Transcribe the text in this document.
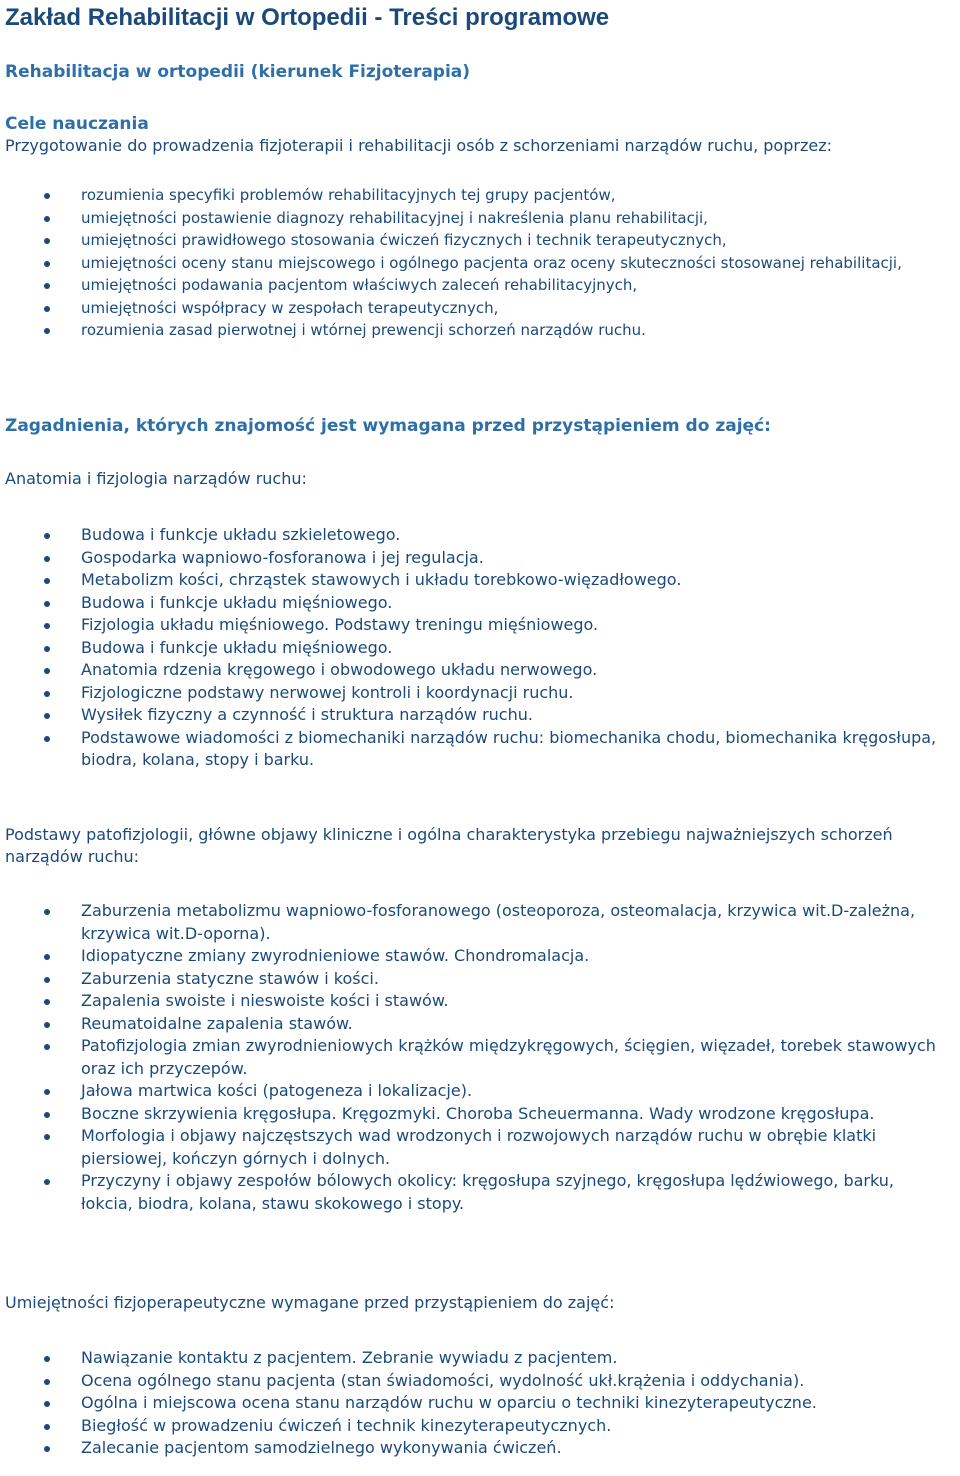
Zakład Rehabilitacji w Ortopedii - Treści programowe
Rehabilitacja w ortopedii (kierunek Fizjoterapia)
Cele nauczania
Przygotowanie do prowadzenia fizjoterapii i rehabilitacji osób z schorzeniami narządów ruchu, poprzez:
rozumienia specyfiki problemów rehabilitacyjnych tej grupy pacjentów,
umiejętności postawienie diagnozy rehabilitacyjnej i nakreślenia planu rehabilitacji,
umiejętności prawidłowego stosowania ćwiczeń fizycznych i technik terapeutycznych,
umiejętności oceny stanu miejscowego i ogólnego pacjenta oraz oceny skuteczności stosowanej rehabilitacji,
umiejętności podawania pacjentom właściwych zaleceń rehabilitacyjnych,
umiejętności współpracy w zespołach terapeutycznych,
rozumienia zasad pierwotnej i wtórnej prewencji schorzeń narządów ruchu.
Zagadnienia, których znajomość jest wymagana przed przystąpieniem do zajęć:
Anatomia i fizjologia narządów ruchu:
Budowa i funkcje układu szkieletowego.
Gospodarka wapniowo-fosforanowa i jej regulacja.
Metabolizm kości, chrząstek stawowych i układu torebkowo-więzadłowego.
Budowa i funkcje układu mięśniowego.
Fizjologia układu mięśniowego. Podstawy treningu mięśniowego.
Budowa i funkcje układu mięśniowego.
Anatomia rdzenia kręgowego i obwodowego układu nerwowego.
Fizjologiczne podstawy nerwowej kontroli i koordynacji ruchu.
Wysiłek fizyczny a czynność i struktura narządów ruchu.
Podstawowe wiadomości z biomechaniki narządów ruchu: biomechanika chodu, biomechanika kręgosłupa, biodra, kolana, stopy i barku.
Podstawy patofizjologii, główne objawy kliniczne i ogólna charakterystyka przebiegu najważniejszych schorzeń narządów ruchu:
Zaburzenia metabolizmu wapniowo-fosforanowego (osteoporoza, osteomalacja, krzywica wit.D-zależna, krzywica wit.D-oporna).
Idiopatyczne zmiany zwyrodnieniowe stawów. Chondromalacja.
Zaburzenia statyczne stawów i kości.
Zapalenia swoiste i nieswoiste kości i stawów.
Reumatoidalne zapalenia stawów.
Patofizjologia zmian zwyrodnieniowych krążków międzykręgowych, ścięgien, więzadeł, torebek stawowych oraz ich przyczepów.
Jałowa martwica kości (patogeneza i lokalizacje).
Boczne skrzywienia kręgosłupa. Kręgozmyki. Choroba Scheuermanna. Wady wrodzone kręgosłupa.
Morfologia i objawy najczęstszych wad wrodzonych i rozwojowych narządów ruchu w obrębie klatki piersiowej, kończyn górnych i dolnych.
Przyczyny i objawy zespołów bólowych okolicy: kręgosłupa szyjnego, kręgosłupa lędźwiowego, barku, łokcia, biodra, kolana, stawu skokowego i stopy.
Umiejętności fizjoperapeutyczne wymagane przed przystąpieniem do zajęć:
Nawiązanie kontaktu z pacjentem. Zebranie wywiadu z pacjentem.
Ocena ogólnego stanu pacjenta (stan świadomości, wydolność ukł.krążenia i oddychania).
Ogólna i miejscowa ocena stanu narządów ruchu w oparciu o techniki kinezyterapeutyczne.
Biegłość w prowadzeniu ćwiczeń i technik kinezyterapeutycznych.
Zalecanie pacjentom samodzielnego wykonywania ćwiczeń.
